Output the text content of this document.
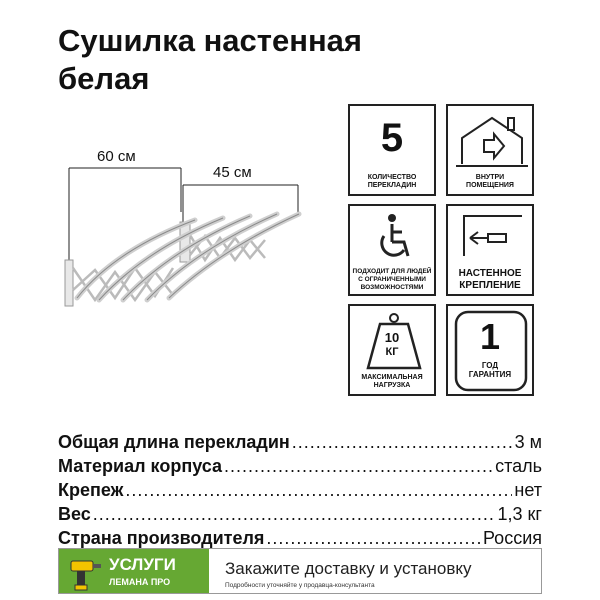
Сушилка настенная
белая
60 см
45 см
5
КОЛИЧЕСТВО
ПЕРЕКЛАДИН
ВНУТРИ
ПОМЕЩЕНИЯ
ПОДХОДИТ ДЛЯ ЛЮДЕЙ
С ОГРАНИЧЕННЫМИ
ВОЗМОЖНОСТЯМИ
НАСТЕННОЕ
КРЕПЛЕНИЕ
10
КГ
МАКСИМАЛЬНАЯ
НАГРУЗКА
1
ГОД
ГАРАНТИЯ
Общая длина перекладин .....	3 м
Материал корпуса .....	сталь
Крепеж .....	нет
Вес .....	1,3 кг
Страна производителя .....	Россия
УСЛУГИ
ЛЕМАНА ПРО
Закажите доставку и установку
Подробности уточняйте у продавца-консультанта
